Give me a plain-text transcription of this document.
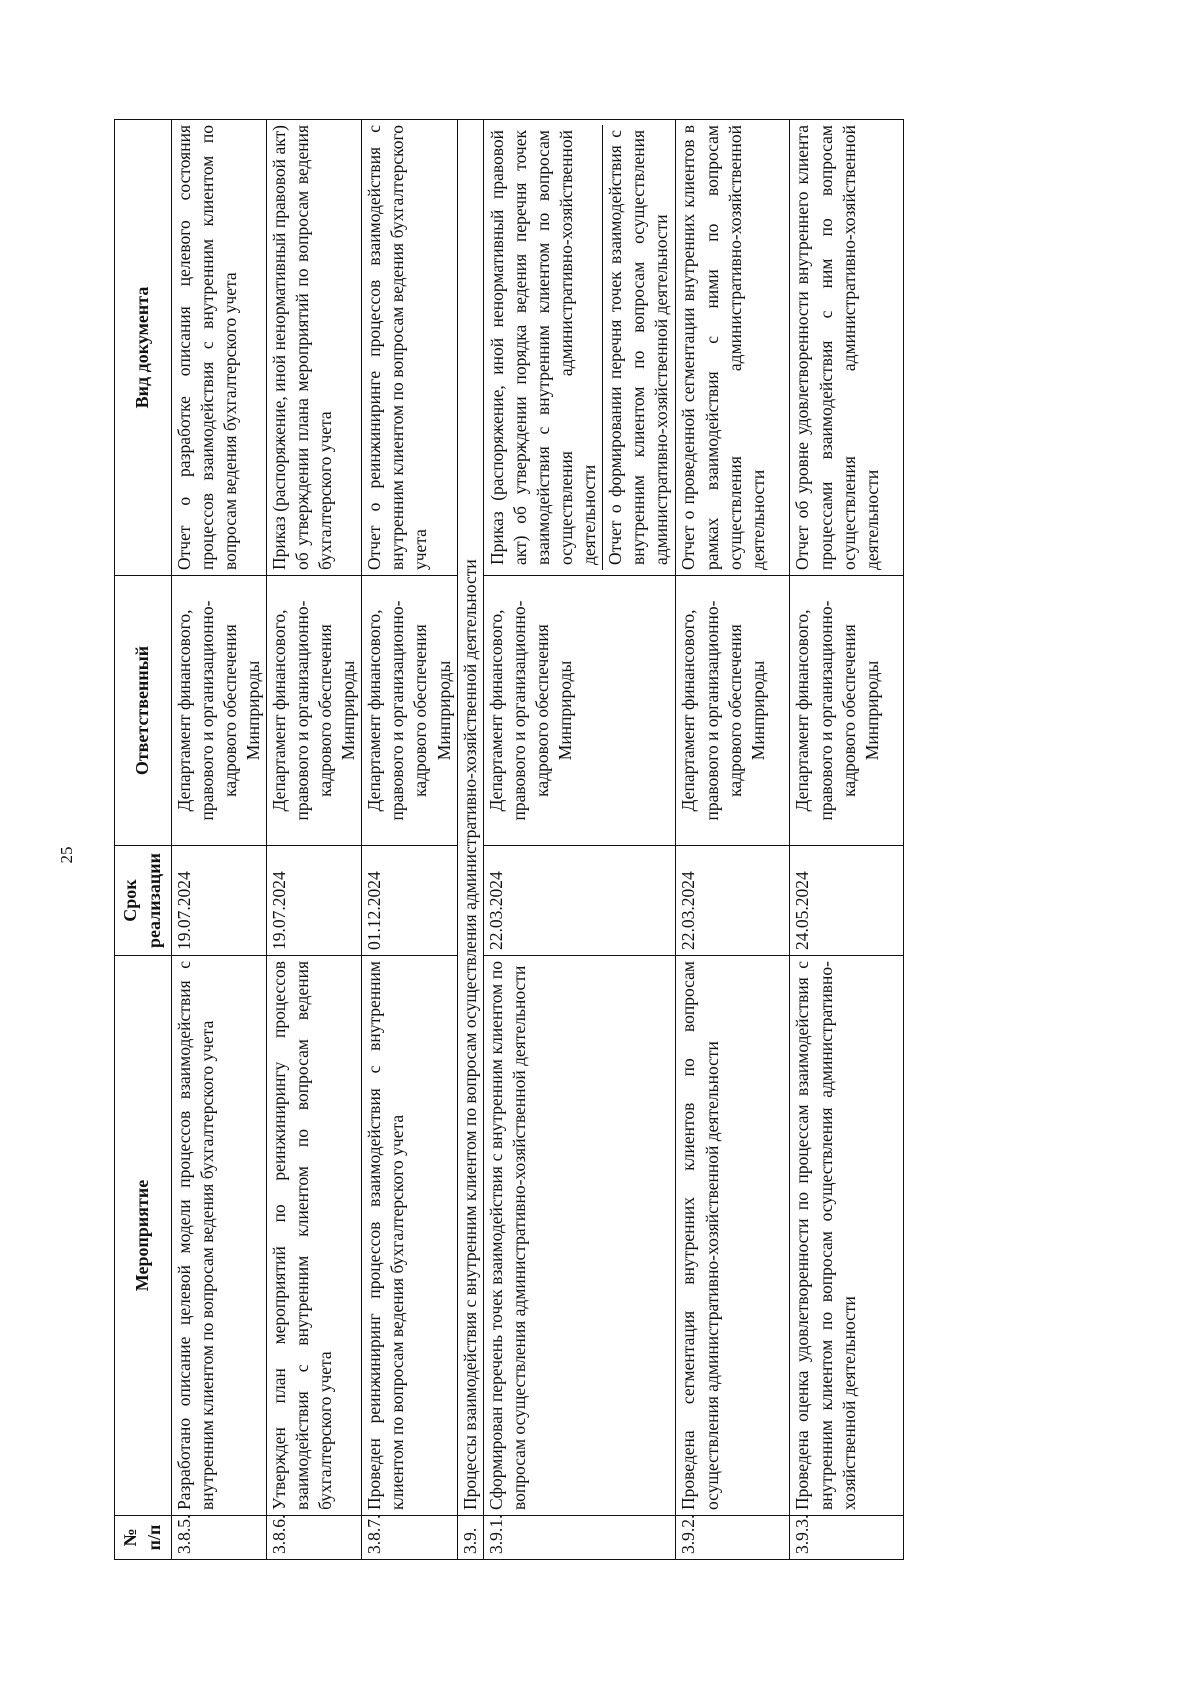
25
№ п/п	Мероприятие	Срок реализации	Ответственный	Вид документа
3.8.5.	Разработано описание целевой модели процессов взаимодействия с внутренним клиентом по вопросам ведения бухгалтерского учета	19.07.2024	Департамент финансового, правового и организационно-кадрового обеспечения Минприроды	Отчет о разработке описания целевого состояния процессов взаимодействия с внутренним клиентом по вопросам ведения бухгалтерского учета
3.8.6.	Утвержден план мероприятий по реинжинирингу процессов взаимодействия с внутренним клиентом по вопросам ведения бухгалтерского учета	19.07.2024	Департамент финансового, правового и организационно-кадрового обеспечения Минприроды	Приказ (распоряжение, иной ненормативный правовой акт) об утверждении плана мероприятий по вопросам ведения бухгалтерского учета
3.8.7.	Проведен реинжиниринг процессов взаимодействия с внутренним клиентом по вопросам ведения бухгалтерского учета	01.12.2024	Департамент финансового, правового и организационно-кадрового обеспечения Минприроды	Отчет о реинжиниринге процессов взаимодействия с внутренним клиентом по вопросам ведения бухгалтерского учета
3.9.	Процессы взаимодействия с внутренним клиентом по вопросам осуществления административно-хозяйственной деятельности			
3.9.1.	Сформирован перечень точек взаимодействия с внутренним клиентом по вопросам осуществления административно-хозяйственной деятельности	22.03.2024	Департамент финансового, правового и организационно-кадрового обеспечения Минприроды	Приказ (распоряжение, иной ненормативный правовой акт) об утверждении порядка ведения перечня точек взаимодействия с внутренним клиентом по вопросам осуществления административно-хозяйственной деятельности Отчет о формировании перечня точек взаимодействия с внутренним клиентом по вопросам осуществления административно-хозяйственной деятельности

3.9.2.	Проведена сегментация внутренних клиентов по вопросам осуществления административно-хозяйственной деятельности	22.03.2024	Департамент финансового, правового и организационно-кадрового обеспечения Минприроды	Отчет о проведенной сегментации внутренних клиентов в рамках взаимодействия с ними по вопросам осуществления административно-хозяйственной деятельности
3.9.3.	Проведена оценка удовлетворенности по процессам взаимодействия с внутренним клиентом по вопросам осуществления административно-хозяйственной деятельности	24.05.2024	Департамент финансового, правового и организационно-кадрового обеспечения Минприроды	Отчет об уровне удовлетворенности внутреннего клиента процессами взаимодействия с ним по вопросам осуществления административно-хозяйственной деятельности
